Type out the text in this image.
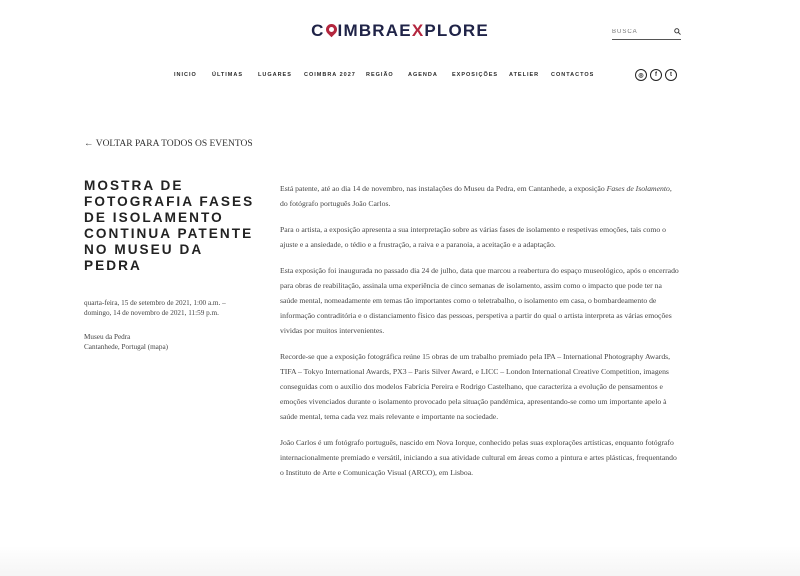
C IMBRAEXPLORE
BUSCA
INICIO	ÚLTIMAS	LUGARES COIMBRA 2027 REGIÃO	AGENDA	EXPOSIÇÕES ATELIER CONTACTOS	◎	f	t
← VOLTAR PARA TODOS OS EVENTOS
MOSTRA DE FOTOGRAFIA FASES DE ISOLAMENTO CONTINUA PATENTE NO MUSEU DA PEDRA
quarta-feira, 15 de setembro de 2021, 1:00 a.m. –
domingo, 14 de novembro de 2021, 11:59 p.m.
Museu da Pedra
Cantanhede, Portugal (mapa)

Está patente, até ao dia 14 de novembro, nas instalações do Museu da Pedra, em Cantanhede, a exposição Fases de Isolamento, do fotógrafo português João Carlos.

Para o artista, a exposição apresenta a sua interpretação sobre as várias fases de isolamento e respetivas emoções, tais como o ajuste e a ansiedade, o tédio e a frustração, a raiva e a paranoia, a aceitação e a adaptação.

Esta exposição foi inaugurada no passado dia 24 de julho, data que marcou a reabertura do espaço museológico, após o encerrado para obras de reabilitação, assinala uma experiência de cinco semanas de isolamento, assim como o impacto que pode ter na saúde mental, nomeadamente em temas tão importantes como o teletrabalho, o isolamento em casa, o bombardeamento de informação contraditória e o distanciamento físico das pessoas, perspetiva a partir do qual o artista interpreta as várias emoções vividas por muitos intervenientes.

Recorde-se que a exposição fotográfica reúne 15 obras de um trabalho premiado pela IPA – International Photography Awards, TIFA – Tokyo International Awards, PX3 – Paris Silver Award, e LICC – London International Creative Competition, imagens conseguidas com o auxílio dos modelos Fabrícia Pereira e Rodrigo Castelhano, que caracteriza a evolução de pensamentos e emoções vivenciados durante o isolamento provocado pela situação pandémica, apresentando-se como um importante apelo à saúde mental, tema cada vez mais relevante e importante na sociedade.

João Carlos é um fotógrafo português, nascido em Nova Iorque, conhecido pelas suas explorações artísticas, enquanto fotógrafo internacionalmente premiado e versátil, iniciando a sua atividade cultural em áreas como a pintura e artes plásticas, frequentando o Instituto de Arte e Comunicação Visual (ARCO), em Lisboa.
